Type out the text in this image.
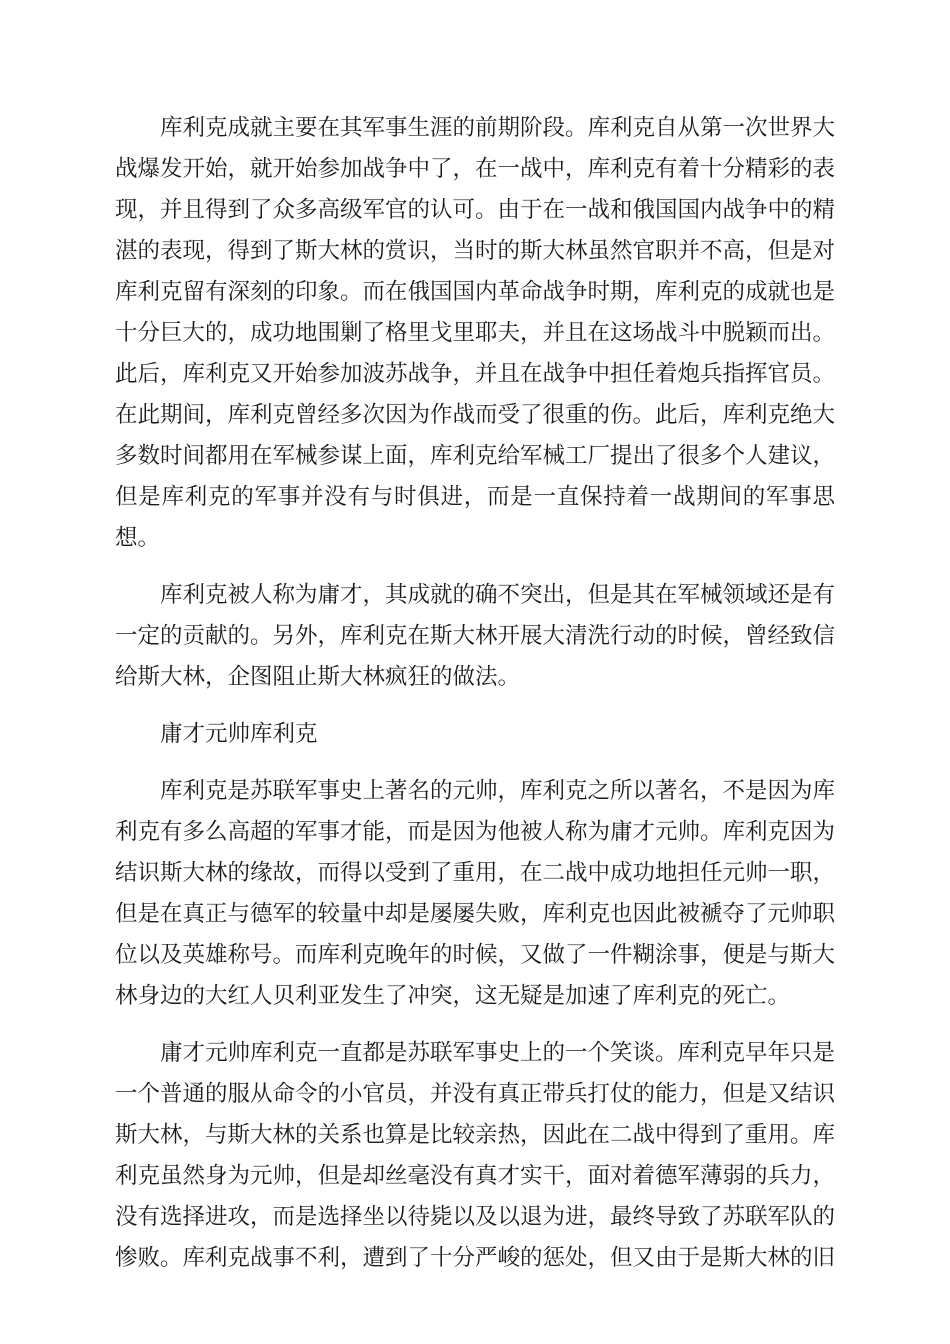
库利克成就主要在其军事生涯的前期阶段。库利克自从第一次世界大战爆发开始，就开始参加战争中了，在一战中，库利克有着十分精彩的表现，并且得到了众多高级军官的认可。由于在一战和俄国国内战争中的精湛的表现，得到了斯大林的赏识，当时的斯大林虽然官职并不高，但是对库利克留有深刻的印象。而在俄国国内革命战争时期，库利克的成就也是十分巨大的，成功地围剿了格里戈里耶夫，并且在这场战斗中脱颖而出。此后，库利克又开始参加波苏战争，并且在战争中担任着炮兵指挥官员。在此期间，库利克曾经多次因为作战而受了很重的伤。此后，库利克绝大多数时间都用在军械参谋上面，库利克给军械工厂提出了很多个人建议，但是库利克的军事并没有与时俱进，而是一直保持着一战期间的军事思想。

库利克被人称为庸才，其成就的确不突出，但是其在军械领域还是有一定的贡献的。另外，库利克在斯大林开展大清洗行动的时候，曾经致信给斯大林，企图阻止斯大林疯狂的做法。

庸才元帅库利克

库利克是苏联军事史上著名的元帅，库利克之所以著名，不是因为库利克有多么高超的军事才能，而是因为他被人称为庸才元帅。库利克因为结识斯大林的缘故，而得以受到了重用，在二战中成功地担任元帅一职，但是在真正与德军的较量中却是屡屡失败，库利克也因此被褫夺了元帅职位以及英雄称号。而库利克晚年的时候，又做了一件糊涂事，便是与斯大林身边的大红人贝利亚发生了冲突，这无疑是加速了库利克的死亡。

庸才元帅库利克一直都是苏联军事史上的一个笑谈。库利克早年只是一个普通的服从命令的小官员，并没有真正带兵打仗的能力，但是又结识斯大林，与斯大林的关系也算是比较亲热，因此在二战中得到了重用。库利克虽然身为元帅，但是却丝毫没有真才实干，面对着德军薄弱的兵力，没有选择进攻，而是选择坐以待毙以及以退为进，最终导致了苏联军队的惨败。库利克战事不利，遭到了十分严峻的惩处，但又由于是斯大林的旧
